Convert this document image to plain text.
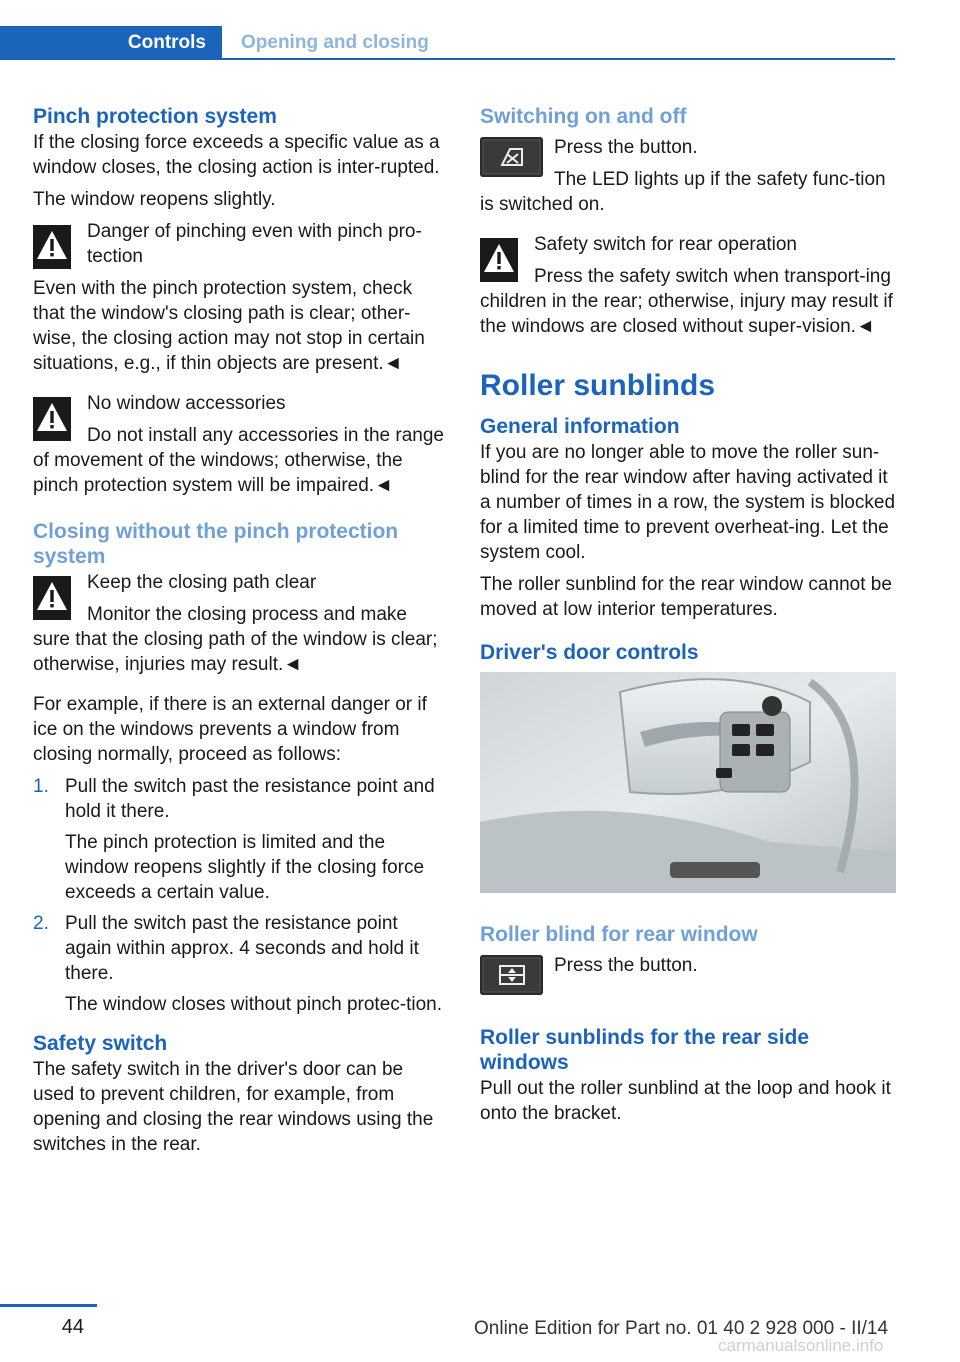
Controls	Opening and closing
Pinch protection system

If the closing force exceeds a specific value as a window closes, the closing action is inter-rupted.

The window reopens slightly.

Danger of pinching even with pinch pro-tection

Even with the pinch protection system, check that the window's closing path is clear; other-wise, the closing action may not stop in certain situations, e.g., if thin objects are present.◄

No window accessories

Do not install any accessories in the range of movement of the windows; otherwise, the pinch protection system will be impaired.◄

Closing without the pinch protection system

Keep the closing path clear

Monitor the closing process and make sure that the closing path of the window is clear; otherwise, injuries may result.◄

For example, if there is an external danger or if ice on the windows prevents a window from closing normally, proceed as follows:

1. Pull the switch past the resistance point and hold it there.

The pinch protection is limited and the window reopens slightly if the closing force exceeds a certain value.

2. Pull the switch past the resistance point again within approx. 4 seconds and hold it there.

The window closes without pinch protec-tion.

Safety switch

The safety switch in the driver's door can be used to prevent children, for example, from opening and closing the rear windows using the switches in the rear.

Switching on and off

Press the button.

The LED lights up if the safety func-tion is switched on.

Safety switch for rear operation

Press the safety switch when transport-ing children in the rear; otherwise, injury may result if the windows are closed without super-vision.◄

Roller sunblinds
General information

If you are no longer able to move the roller sun-blind for the rear window after having activated it a number of times in a row, the system is blocked for a limited time to prevent overheat-ing. Let the system cool.

The roller sunblind for the rear window cannot be moved at low interior temperatures.

Driver's door controls
Roller blind for rear window

Press the button.

Roller sunblinds for the rear side windows

Pull out the roller sunblind at the loop and hook it onto the bracket.

44	Online Edition for Part no. 01 40 2 928 000 - II/14
carmanualsonline.info
